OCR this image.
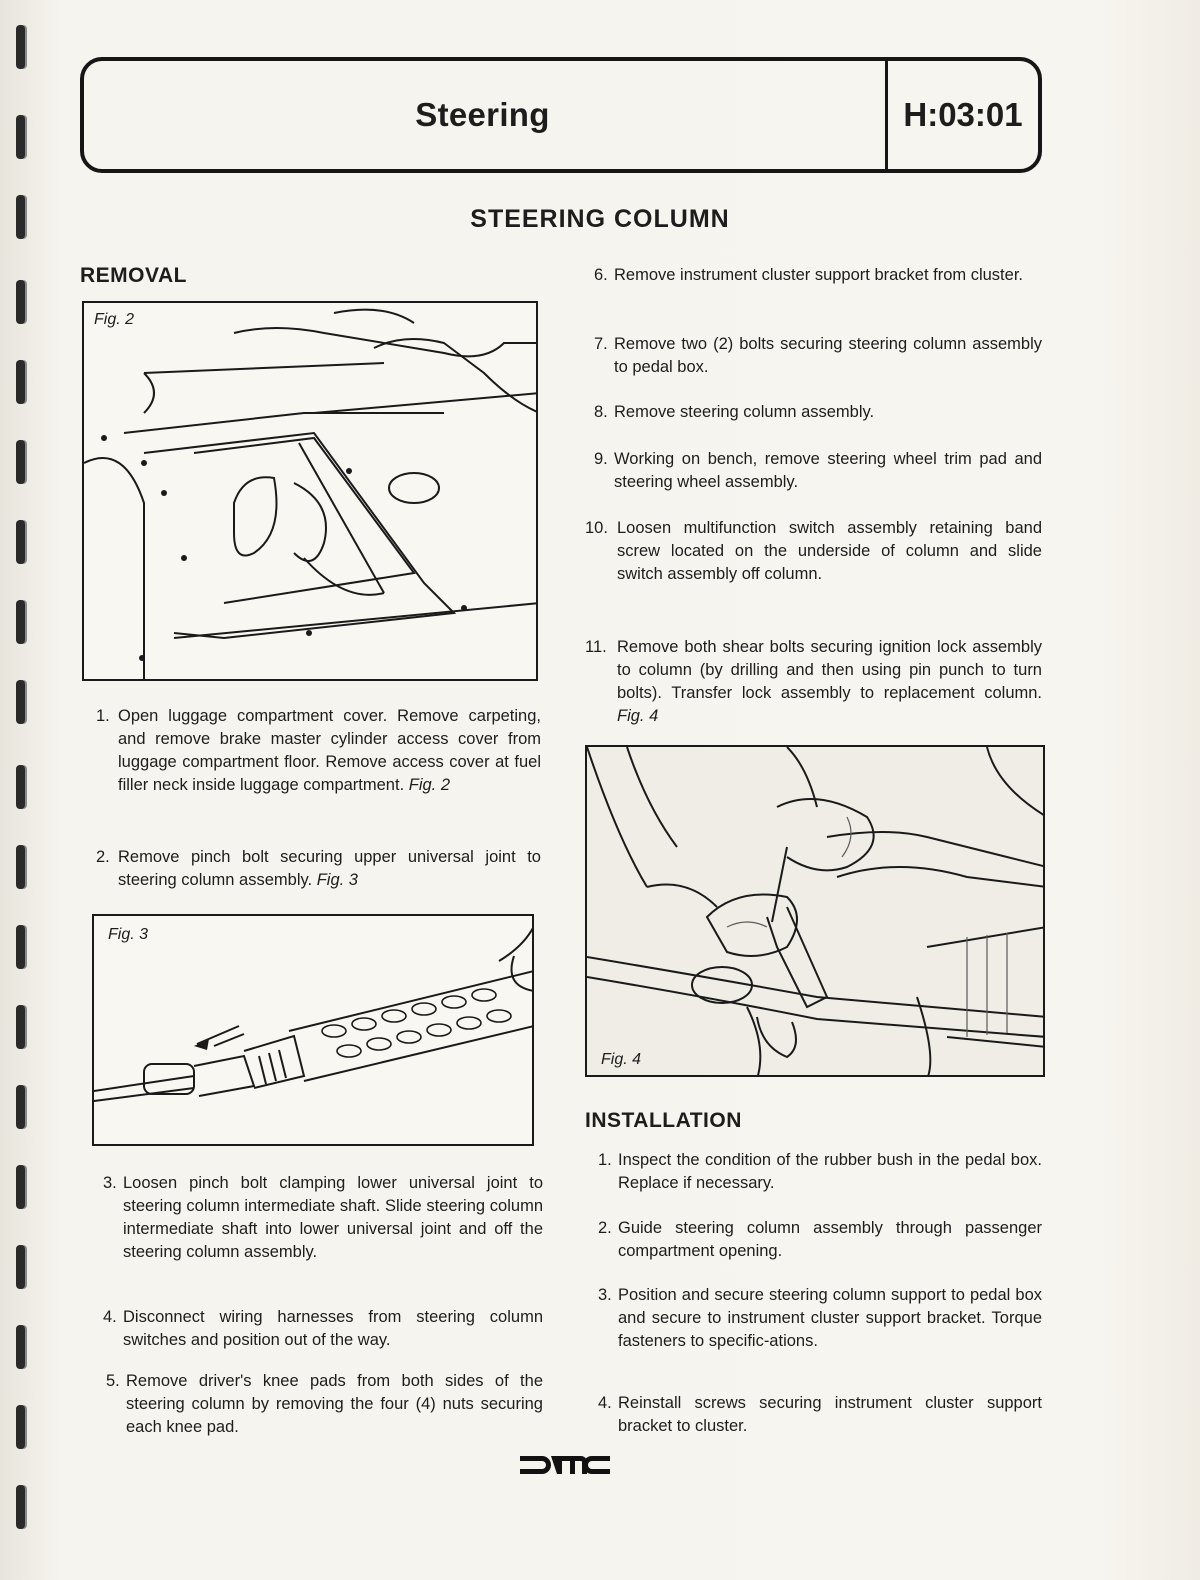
Steering	H:03:01
STEERING COLUMN
REMOVAL
Fig. 2
1. Open luggage compartment cover. Remove carpeting, and remove brake master cylinder access cover from luggage compartment floor. Remove access cover at fuel filler neck inside luggage compartment. Fig. 2
2. Remove pinch bolt securing upper universal joint to steering column assembly. Fig. 3
Fig. 3
3. Loosen pinch bolt clamping lower universal joint to steering column intermediate shaft. Slide steering column intermediate shaft into lower universal joint and off the steering column assembly.
4. Disconnect wiring harnesses from steering column switches and position out of the way.
5. Remove driver's knee pads from both sides of the steering column by removing the four (4) nuts securing each knee pad.
6. Remove instrument cluster support bracket from cluster.
7. Remove two (2) bolts securing steering column assembly to pedal box.
8. Remove steering column assembly.
9. Working on bench, remove steering wheel trim pad and steering wheel assembly.
10. Loosen multifunction switch assembly retaining band screw located on the underside of column and slide switch assembly off column.
11. Remove both shear bolts securing ignition lock assembly to column (by drilling and then using pin punch to turn bolts). Transfer lock assembly to replacement column. Fig. 4
Fig. 4
INSTALLATION
1. Inspect the condition of the rubber bush in the pedal box. Replace if necessary.
2. Guide steering column assembly through passenger compartment opening.
3. Position and secure steering column support to pedal box and secure to instrument cluster support bracket. Torque fasteners to specific-ations.
4. Reinstall screws securing instrument cluster support bracket to cluster.
